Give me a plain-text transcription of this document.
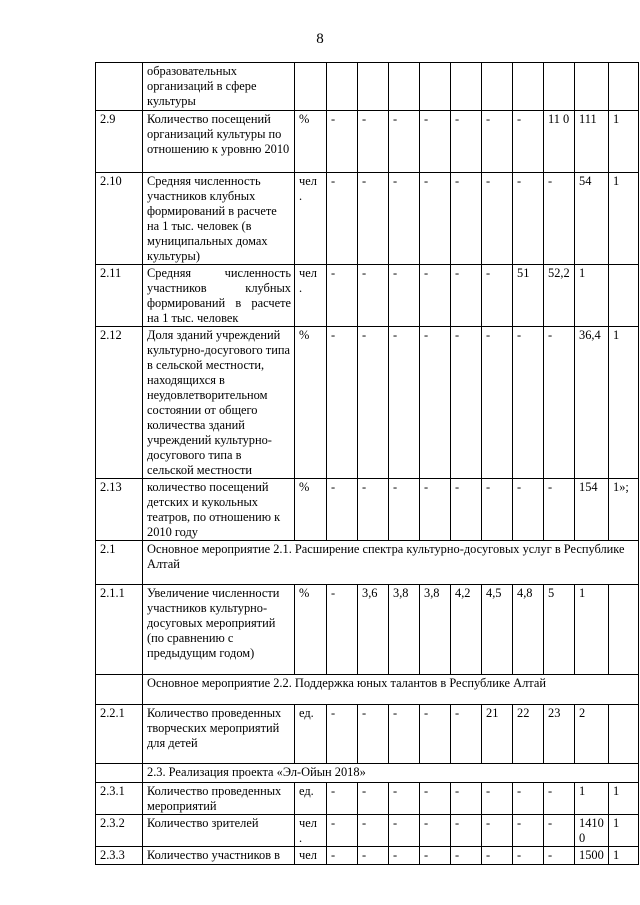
8
	образовательных организаций в сфере культуры											
2.9	Количество посещений организаций культуры по отношению к уровню 2010	%	-	-	-	-	-	-	-	11 0	111	1
2.10	Средняя численность участников клубных формирований в расчете на 1 тыс. человек (в муниципальных домах культуры)	чел .	-	-	-	-	-	-	-	-	54	1
2.11	Средняя численность участников клубных формирований в расчете на 1 тыс. человек	чел .	-	-	-	-	-	-	51	52,2	1	
2.12	Доля зданий учреждений культурно-досугового типа в сельской местности, находящихся в неудовлетворительном состоянии от общего количества зданий учреждений культурно-досугового типа в сельской местности	%	-	-	-	-	-	-	-	-	36,4	1
2.13	количество посещений детских и кукольных театров, по отношению к 2010 году	%	-	-	-	-	-	-	-	-	154	1»;
2.1	Основное мероприятие 2.1. Расширение спектра культурно-досуговых услуг в Республике Алтай											
2.1.1	Увеличение численности участников культурно-досуговых мероприятий (по сравнению с предыдущим годом)	%	-	3,6	3,8	3,8	4,2	4,5	4,8	5	1	
	Основное мероприятие 2.2. Поддержка юных талантов в Республике Алтай											
2.2.1	Количество проведенных творческих мероприятий для детей	ед.	-	-	-	-	-	21	22	23	2	
	2.3. Реализация проекта «Эл-Ойын 2018»											
2.3.1	Количество проведенных мероприятий	ед.	-	-	-	-	-	-	-	-	1	1
2.3.2	Количество зрителей	чел .	-	-	-	-	-	-	-	-	1410 0	1
2.3.3	Количество участников в	чел	-	-	-	-	-	-	-	-	1500	1
